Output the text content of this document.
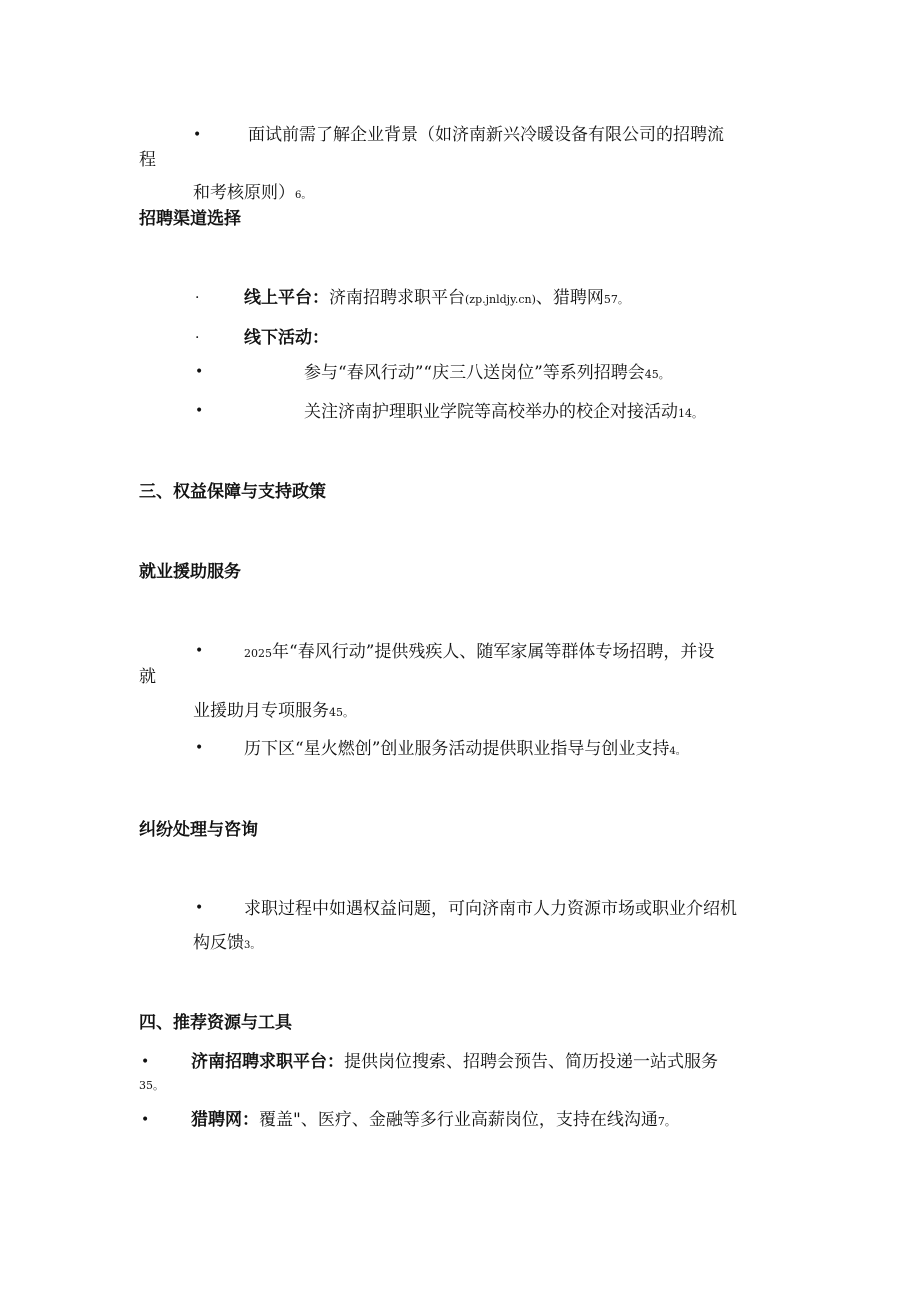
•	面试前需了解企业背景（如济南新兴冷暖设备有限公司的招聘流
程
和考核原则）6。
招聘渠道选择
·	线上平台：济南招聘求职平台(zp.jnldjy.cn)、猎聘网57。
·	线下活动：
•	参与“春风行动”“庆三八送岗位”等系列招聘会45。
•	关注济南护理职业学院等高校举办的校企对接活动14。
三、权益保障与支持政策
就业援助服务
•	2025年“春风行动”提供残疾人、随军家属等群体专场招聘，并设
就
业援助月专项服务45。
• 历下区“星火燃创”创业服务活动提供职业指导与创业支持4。
纠纷处理与咨询
• 求职过程中如遇权益问题，可向济南市人力资源市场或职业介绍机
构反馈3。
四、推荐资源与工具
• 济南招聘求职平台：提供岗位搜索、招聘会预告、简历投递一站式服务
35。
• 猎聘网：覆盖"、医疗、金融等多行业高薪岗位，支持在线沟通7。
